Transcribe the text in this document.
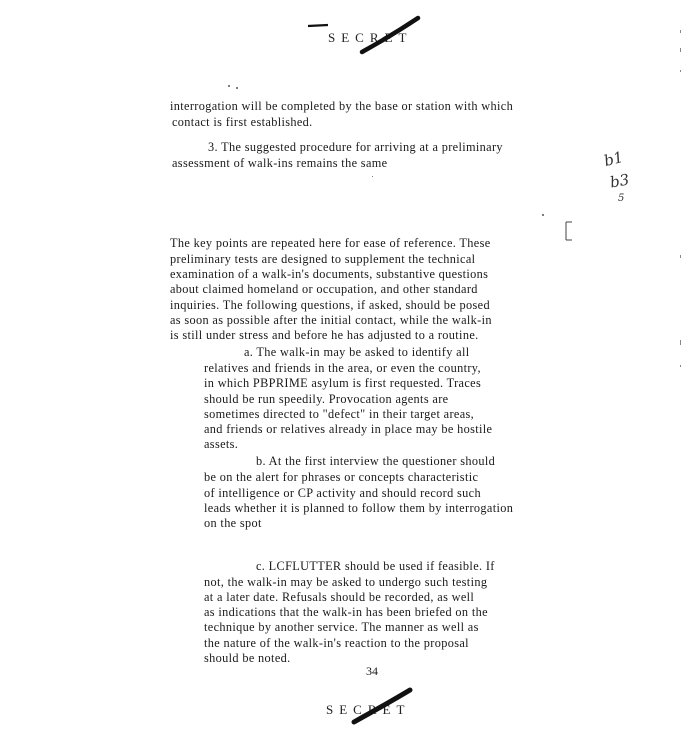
SECRET
b1
b3
5
interrogation will be completed by the base or station with which
contact is first established.
3. The suggested procedure for arriving at a preliminary
assessment of walk-ins remains the same
The key points are repeated here for ease of reference. These
preliminary tests are designed to supplement the technical
examination of a walk-in's documents, substantive questions
about claimed homeland or occupation, and other standard
inquiries. The following questions, if asked, should be posed
as soon as possible after the initial contact, while the walk-in
is still under stress and before he has adjusted to a routine.
a. The walk-in may be asked to identify all
relatives and friends in the area, or even the country,
in which PBPRIME asylum is first requested. Traces
should be run speedily. Provocation agents are
sometimes directed to "defect" in their target areas,
and friends or relatives already in place may be hostile
assets.
b. At the first interview the questioner should
be on the alert for phrases or concepts characteristic
of intelligence or CP activity and should record such
leads whether it is planned to follow them by interrogation
on the spot
c. LCFLUTTER should be used if feasible. If
not, the walk-in may be asked to undergo such testing
at a later date. Refusals should be recorded, as well
as indications that the walk-in has been briefed on the
technique by another service. The manner as well as
the nature of the walk-in's reaction to the proposal
should be noted.
34
SECRET
